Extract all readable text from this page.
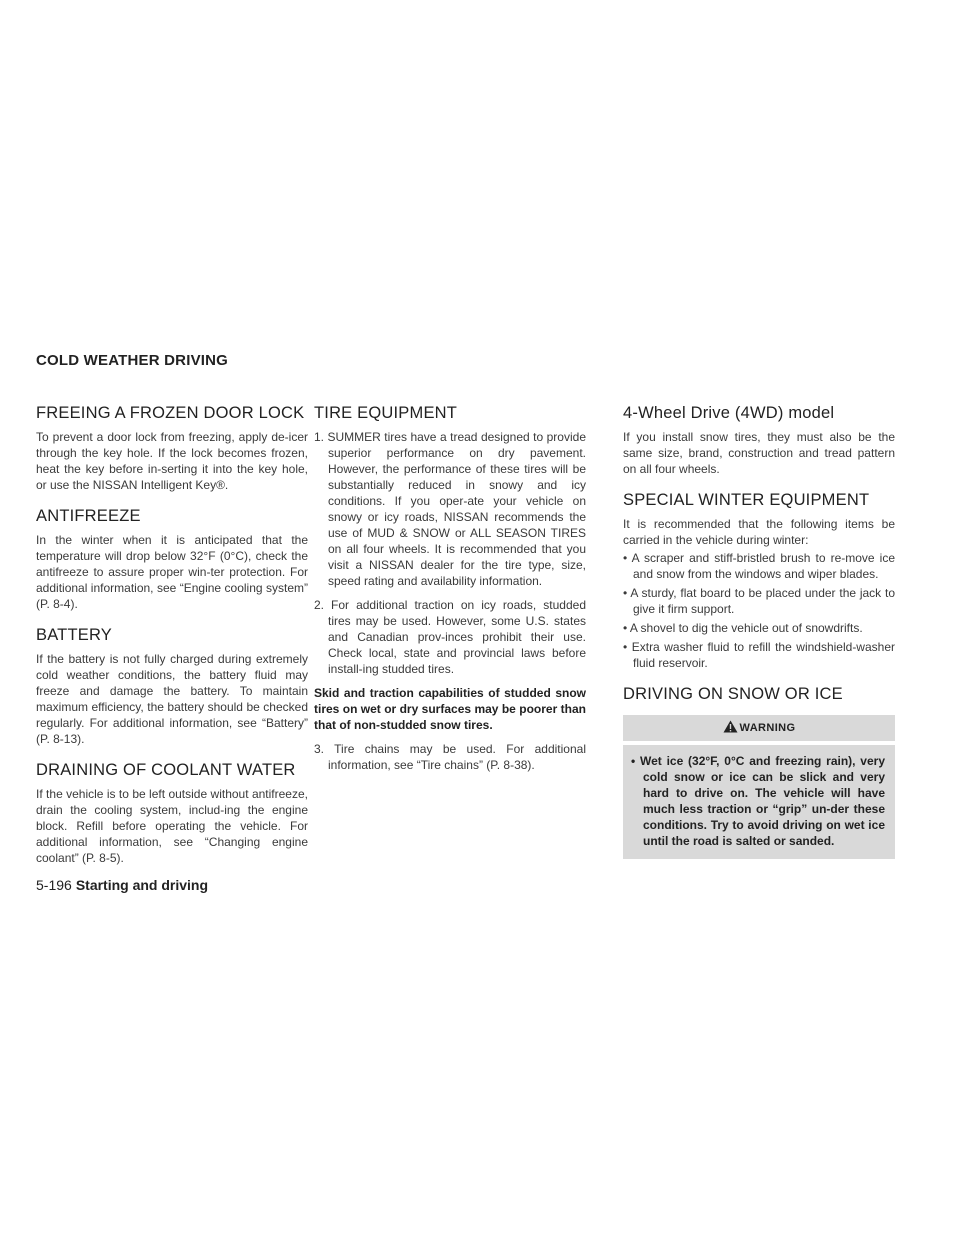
COLD WEATHER DRIVING
FREEING A FROZEN DOOR LOCK

To prevent a door lock from freezing, apply de-icer through the key hole. If the lock becomes frozen, heat the key before in-serting it into the key hole, or use the NISSAN Intelligent Key®.

ANTIFREEZE

In the winter when it is anticipated that the temperature will drop below 32°F (0°C), check the antifreeze to assure proper win-ter protection. For additional information, see “Engine cooling system” (P. 8-4).

BATTERY

If the battery is not fully charged during extremely cold weather conditions, the battery fluid may freeze and damage the battery. To maintain maximum efficiency, the battery should be checked regularly. For additional information, see “Battery” (P. 8-13).

DRAINING OF COOLANT WATER

If the vehicle is to be left outside without antifreeze, drain the cooling system, includ-ing the engine block. Refill before operating the vehicle. For additional information, see “Changing engine coolant” (P. 8-5).

TIRE EQUIPMENT
1. SUMMER tires have a tread designed to provide superior performance on dry pavement. However, the performance of these tires will be substantially reduced in snowy and icy conditions. If you oper-ate your vehicle on snowy or icy roads, NISSAN recommends the use of MUD & SNOW or ALL SEASON TIRES on all four wheels. It is recommended that you visit a NISSAN dealer for the tire type, size, speed rating and availability information.
2. For additional traction on icy roads, studded tires may be used. However, some U.S. states and Canadian prov-inces prohibit their use. Check local, state and provincial laws before install-ing studded tires.

Skid and traction capabilities of studded snow tires on wet or dry surfaces may be poorer than that of non-studded snow tires.

3. Tire chains may be used. For additional information, see “Tire chains” (P. 8-38).
4-Wheel Drive (4WD) model

If you install snow tires, they must also be the same size, brand, construction and tread pattern on all four wheels.

SPECIAL WINTER EQUIPMENT

It is recommended that the following items be carried in the vehicle during winter:

• A scraper and stiff-bristled brush to re-move ice and snow from the windows and wiper blades.
• A sturdy, flat board to be placed under the jack to give it firm support.
• A shovel to dig the vehicle out of snowdrifts.
• Extra washer fluid to refill the windshield-washer fluid reservoir.
DRIVING ON SNOW OR ICE
WARNING
• Wet ice (32°F, 0°C and freezing rain), very cold snow or ice can be slick and very hard to drive on. The vehicle will have much less traction or “grip” un-der these conditions. Try to avoid driving on wet ice until the road is salted or sanded.
5-196 Starting and driving
